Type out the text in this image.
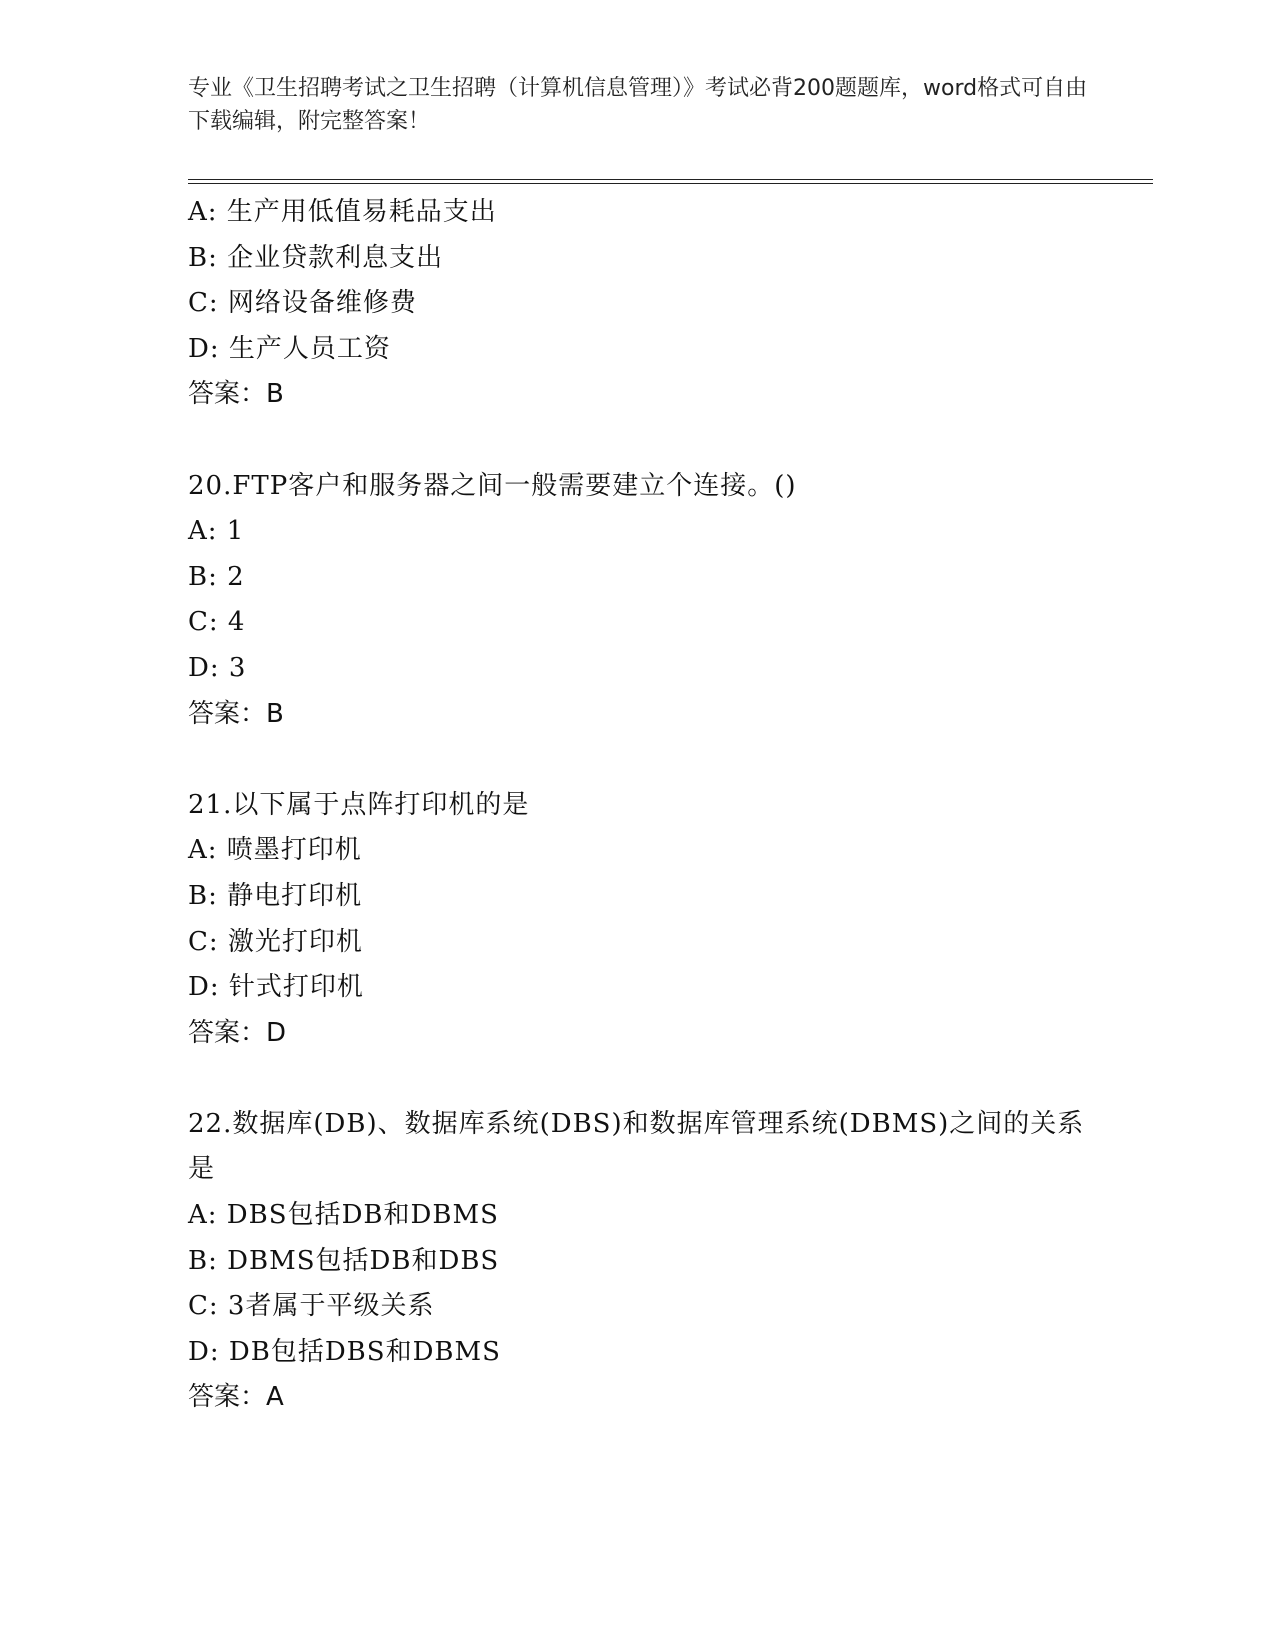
专业《卫生招聘考试之卫生招聘（计算机信息管理）》考试必背200题题库，word格式可自由下载编辑，附完整答案！
A: 生产用低值易耗品支出
B: 企业贷款利息支出
C: 网络设备维修费
D: 生产人员工资
答案：B
20.FTP客户和服务器之间一般需要建立个连接。()
A: 1
B: 2
C: 4
D: 3
答案：B
21.以下属于点阵打印机的是
A: 喷墨打印机
B: 静电打印机
C: 激光打印机
D: 针式打印机
答案：D
22.数据库(DB)、数据库系统(DBS)和数据库管理系统(DBMS)之间的关系是
A: DBS包括DB和DBMS
B: DBMS包括DB和DBS
C: 3者属于平级关系
D: DB包括DBS和DBMS
答案：A
